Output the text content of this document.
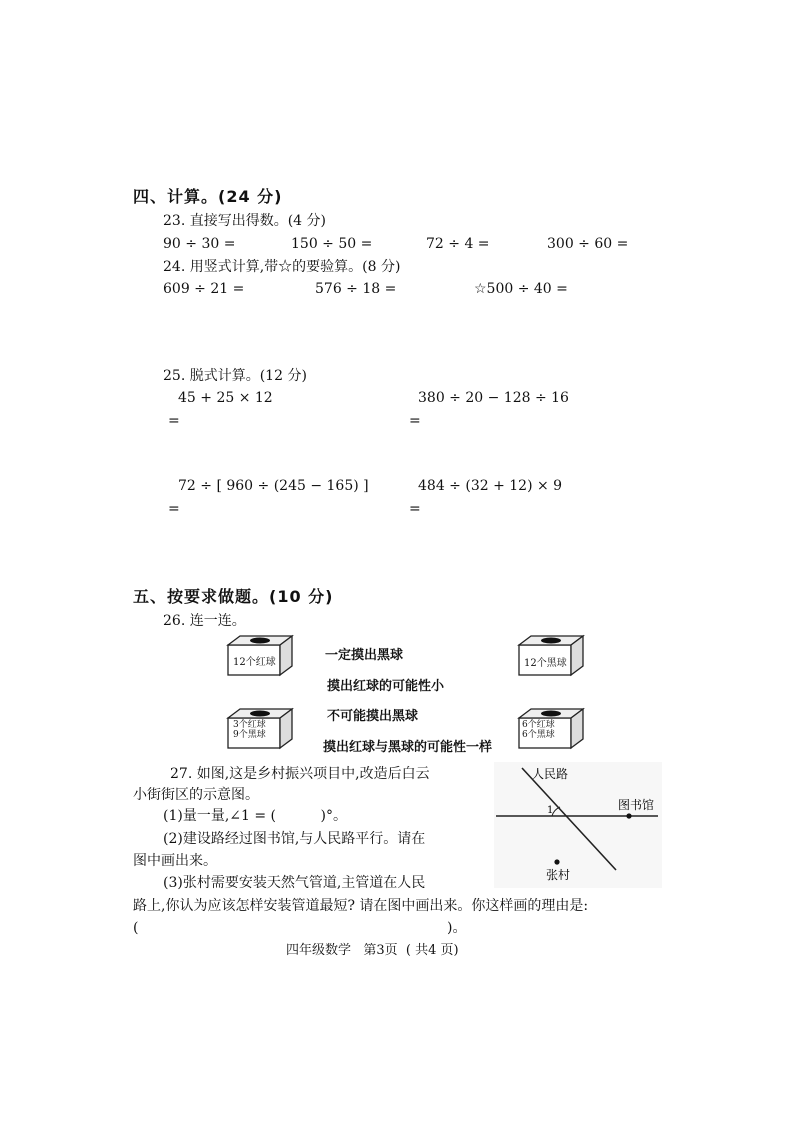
四、计算。(24 分)
23. 直接写出得数。(4 分)
90 ÷ 30 =	150 ÷ 50 =	72 ÷ 4 =	300 ÷ 60 =
24. 用竖式计算,带☆的要验算。(8 分)
609 ÷ 21 =	576 ÷ 18 =	☆500 ÷ 40 =
25. 脱式计算。(12 分)
45 + 25 × 12
=
380 ÷ 20 − 128 ÷ 16
=
72 ÷ [ 960 ÷ (245 − 165) ]
=
484 ÷ (32 + 12) × 9
=
五、按要求做题。(10 分)
26. 连一连。
12个红球
3个红球
9个黑球
12个黑球
6个红球
6个黑球
一定摸出黑球
摸出红球的可能性小
不可能摸出黑球
摸出红球与黑球的可能性一样
27. 如图,这是乡村振兴项目中,改造后白云
小街街区的示意图。
(1)量一量,∠1 = (          )°。
(2)建设路经过图书馆,与人民路平行。请在
图中画出来。
(3)张村需要安装天然气管道,主管道在人民
路上,你认为应该怎样安装管道最短? 请在图中画出来。你这样画的理由是:
(	)。
人民路
图书馆
张村
1
四年级数学   第3页  ( 共4 页)
